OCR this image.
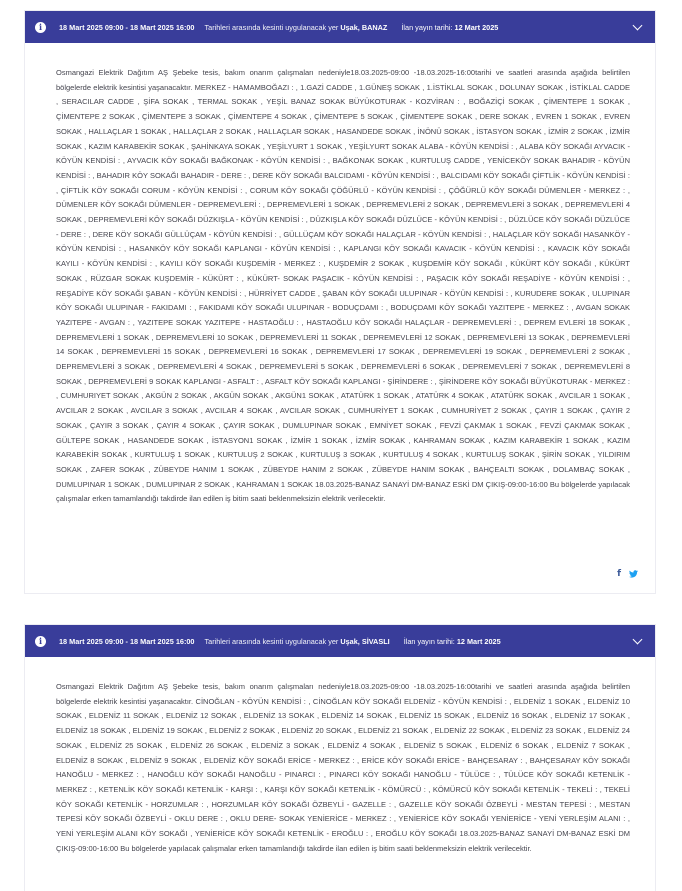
i	18 Mart 2025 09:00 - 18 Mart 2025 16:00 Tarihleri arasında kesinti uygulanacak yer Uşak, BANAZ İlan yayın tarihi: 12 Mart 2025
Osmangazi Elektrik Dağıtım AŞ Şebeke tesis, bakım onarım çalışmaları nedeniyle18.03.2025-09:00 -18.03.2025-16:00tarihi ve saatleri arasında aşağıda belirtilen bölgelerde elektrik kesintisi yaşanacaktır. MERKEZ - HAMAMBOĞAZI : , 1.GAZİ CADDE , 1.GÜNEŞ SOKAK , 1.İSTİKLAL SOKAK , DOLUNAY SOKAK , İSTİKLAL CADDE , SERACILAR CADDE , ŞİFA SOKAK , TERMAL SOKAK , YEŞİL BANAZ SOKAK BÜYÜKOTURAK - KOZVİRAN : , BOĞAZİÇİ SOKAK , ÇİMENTEPE 1 SOKAK , ÇİMENTEPE 2 SOKAK , ÇİMENTEPE 3 SOKAK , ÇİMENTEPE 4 SOKAK , ÇİMENTEPE 5 SOKAK , ÇİMENTEPE SOKAK , DERE SOKAK , EVREN 1 SOKAK , EVREN SOKAK , HALLAÇLAR 1 SOKAK , HALLAÇLAR 2 SOKAK , HALLAÇLAR SOKAK , HASANDEDE SOKAK , İNÖNÜ SOKAK , İSTASYON SOKAK , İZMİR 2 SOKAK , İZMİR SOKAK , KAZIM KARABEKİR SOKAK , ŞAHİNKAYA SOKAK , YEŞİLYURT 1 SOKAK , YEŞİLYURT SOKAK ALABA - KÖYÜN KENDİSİ : , ALABA KÖY SOKAĞI AYVACIK - KÖYÜN KENDİSİ : , AYVACIK KÖY SOKAĞI BAĞKONAK - KÖYÜN KENDİSİ : , BAĞKONAK SOKAK , KURTULUŞ CADDE , YENİCEKÖY SOKAK BAHADIR - KÖYÜN KENDİSİ : , BAHADIR KÖY SOKAĞI BAHADIR - DERE : , DERE KÖY SOKAĞI BALCIDAMI - KÖYÜN KENDİSİ : , BALCIDAMI KÖY SOKAĞI ÇİFTLİK - KÖYÜN KENDİSİ : , ÇİFTLİK KÖY SOKAĞI CORUM - KÖYÜN KENDİSİ : , CORUM KÖY SOKAĞI ÇÖĞÜRLÜ - KÖYÜN KENDİSİ : , ÇÖĞÜRLÜ KÖY SOKAĞI DÜMENLER - MERKEZ : , DÜMENLER KÖY SOKAĞI DÜMENLER - DEPREMEVLERİ : , DEPREMEVLERİ 1 SOKAK , DEPREMEVLERİ 2 SOKAK , DEPREMEVLERİ 3 SOKAK , DEPREMEVLERİ 4 SOKAK , DEPREMEVLERİ KÖY SOKAĞI DÜZKIŞLA - KÖYÜN KENDİSİ : , DÜZKIŞLA KÖY SOKAĞI DÜZLÜCE - KÖYÜN KENDİSİ : , DÜZLÜCE KÖY SOKAĞI DÜZLÜCE - DERE : , DERE KÖY SOKAĞI GÜLLÜÇAM - KÖYÜN KENDİSİ : , GÜLLÜÇAM KÖY SOKAĞI HALAÇLAR - KÖYÜN KENDİSİ : , HALAÇLAR KÖY SOKAĞI HASANKÖY - KÖYÜN KENDİSİ : , HASANKÖY KÖY SOKAĞI KAPLANGI - KÖYÜN KENDİSİ : , KAPLANGI KÖY SOKAĞI KAVACIK - KÖYÜN KENDİSİ : , KAVACIK KÖY SOKAĞI KAYILI - KÖYÜN KENDİSİ : , KAYILI KÖY SOKAĞI KUŞDEMİR - MERKEZ : , KUŞDEMİR 2 SOKAK , KUŞDEMİR KÖY SOKAĞI , KÜKÜRT KÖY SOKAĞI , KÜKÜRT SOKAK , RÜZGAR SOKAK KUŞDEMİR - KÜKÜRT : , KÜKÜRT- SOKAK PAŞACIK - KÖYÜN KENDİSİ : , PAŞACIK KÖY SOKAĞI REŞADİYE - KÖYÜN KENDİSİ : , REŞADİYE KÖY SOKAĞI ŞABAN - KÖYÜN KENDİSİ : , HÜRRİYET CADDE , ŞABAN KÖY SOKAĞI ULUPINAR - KÖYÜN KENDİSİ : , KURUDERE SOKAK , ULUPINAR KÖY SOKAĞI ULUPINAR - FAKIDAMI : , FAKIDAMI KÖY SOKAĞI ULUPINAR - BODUÇDAMI : , BODUÇDAMI KÖY SOKAĞI YAZITEPE - MERKEZ : , AVGAN SOKAK YAZITEPE - AVGAN : , YAZITEPE SOKAK YAZITEPE - HASTAOĞLU : , HASTAOĞLU KÖY SOKAĞI HALAÇLAR - DEPREMEVLERİ : , DEPREM EVLERİ 18 SOKAK , DEPREMEVLERİ 1 SOKAK , DEPREMEVLERİ 10 SOKAK , DEPREMEVLERİ 11 SOKAK , DEPREMEVLERİ 12 SOKAK , DEPREMEVLERİ 13 SOKAK , DEPREMEVLERİ 14 SOKAK , DEPREMEVLERİ 15 SOKAK , DEPREMEVLERİ 16 SOKAK , DEPREMEVLERİ 17 SOKAK , DEPREMEVLERİ 19 SOKAK , DEPREMEVLERİ 2 SOKAK , DEPREMEVLERİ 3 SOKAK , DEPREMEVLERİ 4 SOKAK , DEPREMEVLERİ 5 SOKAK , DEPREMEVLERİ 6 SOKAK , DEPREMEVLERİ 7 SOKAK , DEPREMEVLERİ 8 SOKAK , DEPREMEVLERİ 9 SOKAK KAPLANGI - ASFALT : , ASFALT KÖY SOKAĞI KAPLANGI - ŞİRİNDERE : , ŞİRİNDERE KÖY SOKAĞI BÜYÜKOTURAK - MERKEZ : , CUMHURIYET SOKAK , AKGÜN 2 SOKAK , AKGÜN SOKAK , AKGÜN1 SOKAK , ATATÜRK 1 SOKAK , ATATÜRK 4 SOKAK , ATATÜRK SOKAK , AVCILAR 1 SOKAK , AVCILAR 2 SOKAK , AVCILAR 3 SOKAK , AVCILAR 4 SOKAK , AVCILAR SOKAK , CUMHURİYET 1 SOKAK , CUMHURİYET 2 SOKAK , ÇAYIR 1 SOKAK , ÇAYIR 2 SOKAK , ÇAYIR 3 SOKAK , ÇAYIR 4 SOKAK , ÇAYIR SOKAK , DUMLUPINAR SOKAK , EMNİYET SOKAK , FEVZİ ÇAKMAK 1 SOKAK , FEVZİ ÇAKMAK SOKAK , GÜLTEPE SOKAK , HASANDEDE SOKAK , İSTASYON1 SOKAK , İZMİR 1 SOKAK , İZMİR SOKAK , KAHRAMAN SOKAK , KAZIM KARABEKİR 1 SOKAK , KAZIM KARABEKİR SOKAK , KURTULUŞ 1 SOKAK , KURTULUŞ 2 SOKAK , KURTULUŞ 3 SOKAK , KURTULUŞ 4 SOKAK , KURTULUŞ SOKAK , ŞİRİN SOKAK , YILDIRIM SOKAK , ZAFER SOKAK , ZÜBEYDE HANIM 1 SOKAK , ZÜBEYDE HANIM 2 SOKAK , ZÜBEYDE HANIM SOKAK , BAHÇEALTI SOKAK , DOLAMBAÇ SOKAK , DUMLUPINAR 1 SOKAK , DUMLUPINAR 2 SOKAK , KAHRAMAN 1 SOKAK 18.03.2025-BANAZ SANAYİ DM-BANAZ ESKİ DM ÇIKIŞ-09:00-16:00 Bu bölgelerde yapılacak çalışmalar erken tamamlandığı takdirde ilan edilen iş bitim saati beklenmeksizin elektrik verilecektir.
f
i	18 Mart 2025 09:00 - 18 Mart 2025 16:00 Tarihleri arasında kesinti uygulanacak yer Uşak, SİVASLI İlan yayın tarihi: 12 Mart 2025
Osmangazi Elektrik Dağıtım AŞ Şebeke tesis, bakım onarım çalışmaları nedeniyle18.03.2025-09:00 -18.03.2025-16:00tarihi ve saatleri arasında aşağıda belirtilen bölgelerde elektrik kesintisi yaşanacaktır. CİNOĞLAN - KÖYÜN KENDİSİ : , CİNOĞLAN KÖY SOKAĞI ELDENİZ - KÖYÜN KENDİSİ : , ELDENİZ 1 SOKAK , ELDENİZ 10 SOKAK , ELDENİZ 11 SOKAK , ELDENİZ 12 SOKAK , ELDENİZ 13 SOKAK , ELDENİZ 14 SOKAK , ELDENİZ 15 SOKAK , ELDENİZ 16 SOKAK , ELDENİZ 17 SOKAK , ELDENİZ 18 SOKAK , ELDENİZ 19 SOKAK , ELDENİZ 2 SOKAK , ELDENİZ 20 SOKAK , ELDENİZ 21 SOKAK , ELDENİZ 22 SOKAK , ELDENİZ 23 SOKAK , ELDENİZ 24 SOKAK , ELDENİZ 25 SOKAK , ELDENİZ 26 SOKAK , ELDENİZ 3 SOKAK , ELDENİZ 4 SOKAK , ELDENİZ 5 SOKAK , ELDENİZ 6 SOKAK , ELDENİZ 7 SOKAK , ELDENİZ 8 SOKAK , ELDENİZ 9 SOKAK , ELDENİZ KÖY SOKAĞI ERİCE - MERKEZ : , ERİCE KÖY SOKAĞI ERİCE - BAHÇESARAY : , BAHÇESARAY KÖY SOKAĞI HANOĞLU - MERKEZ : , HANOĞLU KÖY SOKAĞI HANOĞLU - PINARCI : , PINARCI KÖY SOKAĞI HANOĞLU - TÜLÜCE : , TÜLÜCE KÖY SOKAĞI KETENLİK - MERKEZ : , KETENLİK KÖY SOKAĞI KETENLİK - KARŞI : , KARŞI KÖY SOKAĞI KETENLİK - KÖMÜRCÜ : , KÖMÜRCÜ KÖY SOKAĞI KETENLİK - TEKELİ : , TEKELİ KÖY SOKAĞI KETENLİK - HORZUMLAR : , HORZUMLAR KÖY SOKAĞI ÖZBEYLİ - GAZELLE : , GAZELLE KÖY SOKAĞI ÖZBEYLİ - MESTAN TEPESİ : , MESTAN TEPESİ KÖY SOKAĞI ÖZBEYLİ - OKLU DERE : , OKLU DERE- SOKAK YENİERİCE - MERKEZ : , YENİERİCE KÖY SOKAĞI YENİERİCE - YENİ YERLEŞİM ALANI : , YENİ YERLEŞİM ALANI KÖY SOKAĞI , YENİERİCE KÖY SOKAĞI KETENLİK - EROĞLU : , EROĞLU KÖY SOKAĞI 18.03.2025-BANAZ SANAYİ DM-BANAZ ESKİ DM ÇIKIŞ-09:00-16:00 Bu bölgelerde yapılacak çalışmalar erken tamamlandığı takdirde ilan edilen iş bitim saati beklenmeksizin elektrik verilecektir.
